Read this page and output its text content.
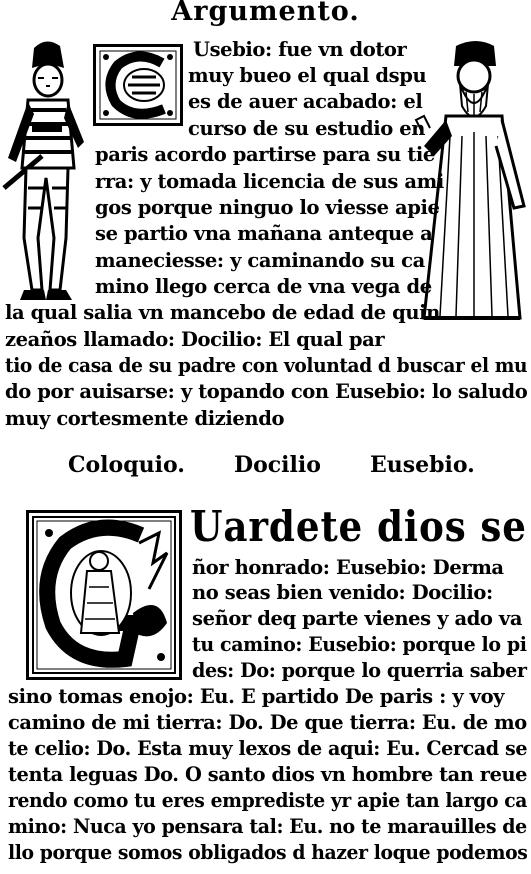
Argumento.
Usebio: fue vn dotor
muy bueo el qual dspu
es de auer acabado: el
curso de su estudio en
paris acordo partirse para su tie
rra: y tomada licencia de sus ami
gos porque ninguo lo viesse apie
se partio vna mañana anteque a
maneciesse: y caminando su ca
mino llego cerca de vna vega de
la qual salia vn mancebo de edad de quin
zeaños llamado: Docilio: El qual par
tio de casa de su padre con voluntad d buscar el mu
do por auisarse: y topando con Eusebio: lo saludo
muy cortesmente diziendo
Coloquio. Docilio Eusebio.
Uardete dios se
ñor honrado: Eusebio: Derma
no seas bien venido: Docilio:
señor deq parte vienes y ado va
tu camino: Eusebio: porque lo pi
des: Do: porque lo querria saber
sino tomas enojo: Eu. E partido De paris : y voy
camino de mi tierra: Do. De que tierra: Eu. de mo
te celio: Do. Esta muy lexos de aqui: Eu. Cercad se
tenta leguas Do. O santo dios vn hombre tan reue
rendo como tu eres emprediste yr apie tan largo ca
mino: Nuca yo pensara tal: Eu. no te marauilles de
llo porque somos obligados d hazer loque podemos
